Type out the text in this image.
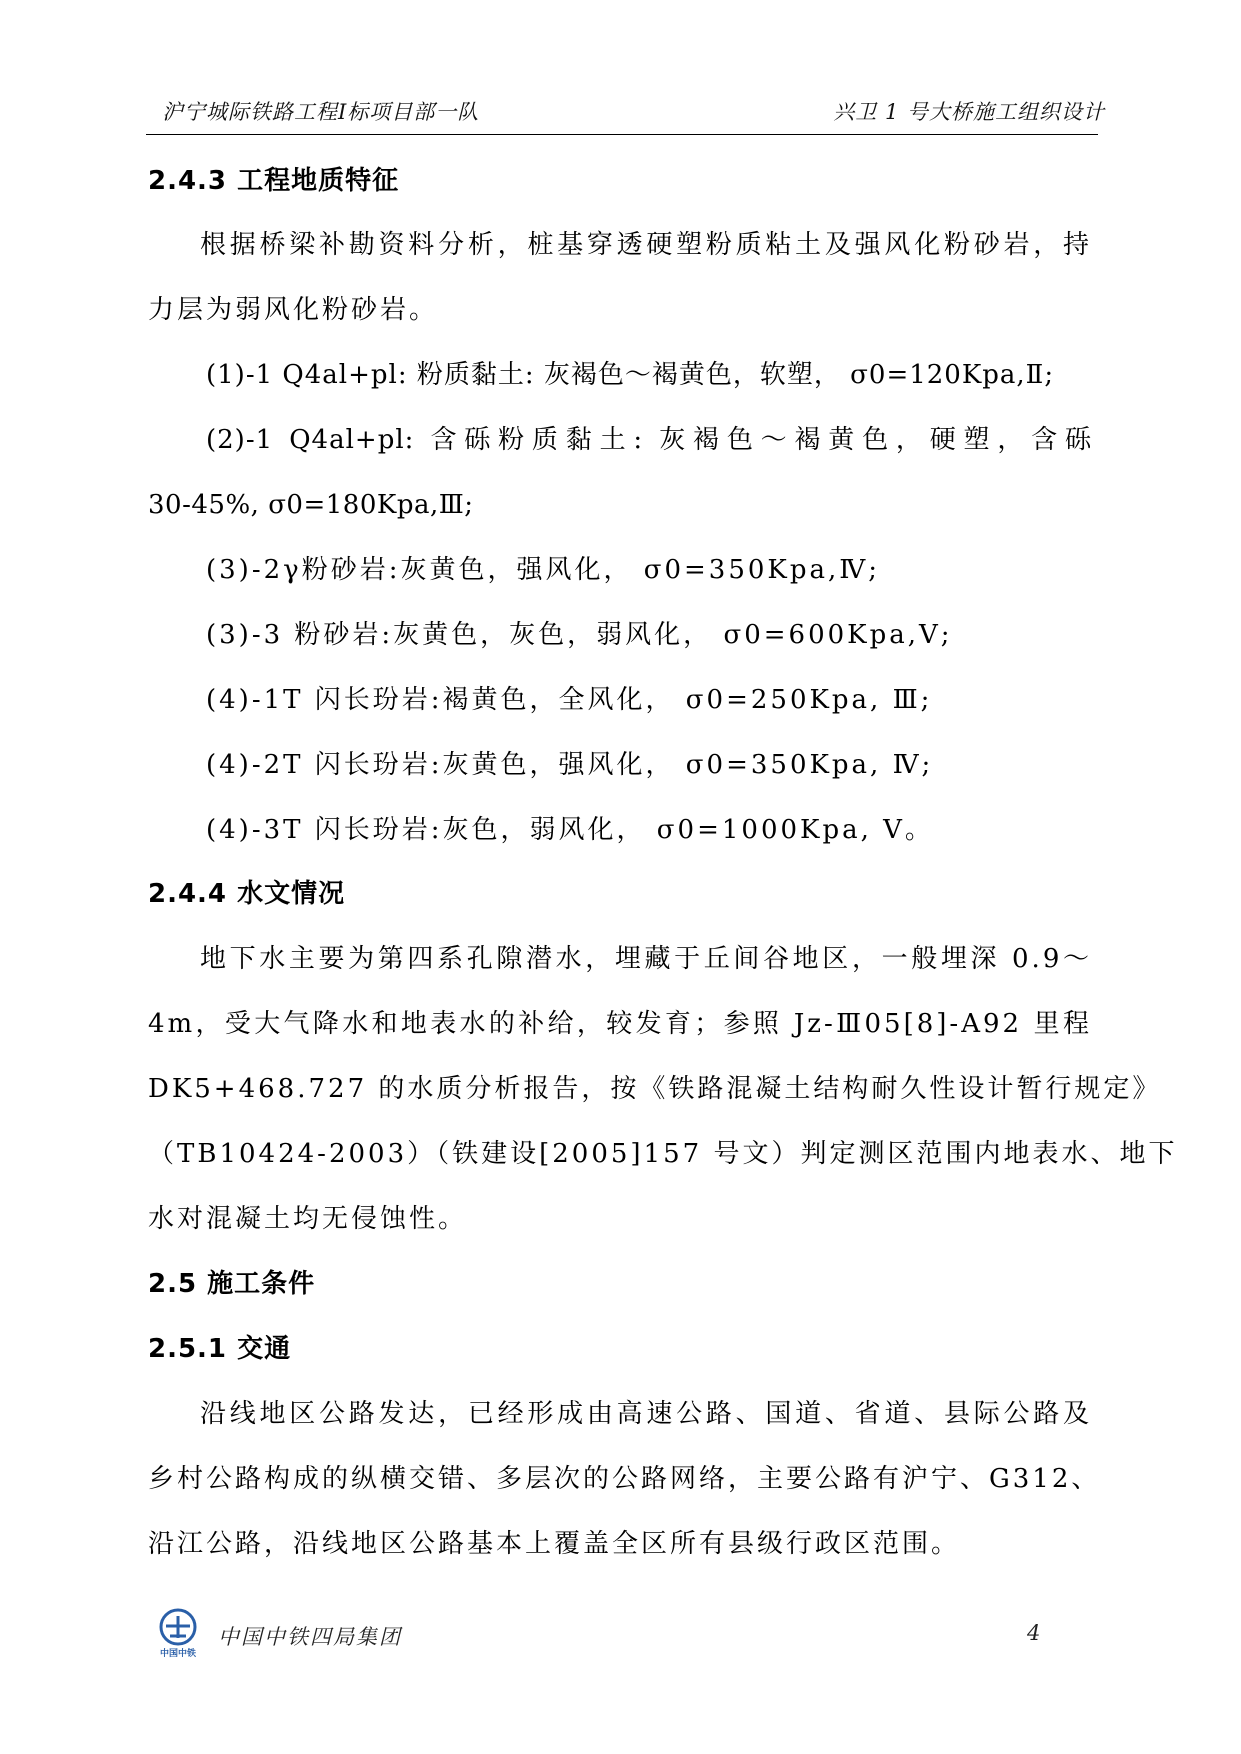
沪宁城际铁路工程Ⅰ标项目部一队	兴卫 1 号大桥施工组织设计
2.4.3 工程地质特征
根据桥梁补勘资料分析，桩基穿透硬塑粉质粘土及强风化粉砂岩，持
力层为弱风化粉砂岩。
(1)-1 Q4al+pl: 粉质黏土: 灰褐色～褐黄色，软塑， σ0=120Kpa,Ⅱ;
(2)-1 Q4al+pl: 含砾粉质黏土: 灰褐色～褐黄色，硬塑，含砾
30-45%, σ0=180Kpa,Ⅲ;
(3)-2γ粉砂岩:灰黄色，强风化， σ0=350Kpa,Ⅳ;
(3)-3 粉砂岩:灰黄色，灰色，弱风化， σ0=600Kpa,Ⅴ;
(4)-1T 闪长玢岩:褐黄色，全风化， σ0=250Kpa, Ⅲ;
(4)-2T 闪长玢岩:灰黄色，强风化， σ0=350Kpa, Ⅳ;
(4)-3T 闪长玢岩:灰色，弱风化， σ0=1000Kpa, Ⅴ。
2.4.4 水文情况
地下水主要为第四系孔隙潜水，埋藏于丘间谷地区，一般埋深 0.9～
4m，受大气降水和地表水的补给，较发育；参照 Jz-Ⅲ05[8]-A92 里程
DK5+468.727 的水质分析报告，按《铁路混凝土结构耐久性设计暂行规定》
（TB10424-2003）（铁建设[2005]157 号文）判定测区范围内地表水、地下
水对混凝土均无侵蚀性。
2.5 施工条件
2.5.1 交通
沿线地区公路发达，已经形成由高速公路、国道、省道、县际公路及
乡村公路构成的纵横交错、多层次的公路网络，主要公路有沪宁、G312、
沿江公路，沿线地区公路基本上覆盖全区所有县级行政区范围。
中国中铁
中国中铁四局集团	4
